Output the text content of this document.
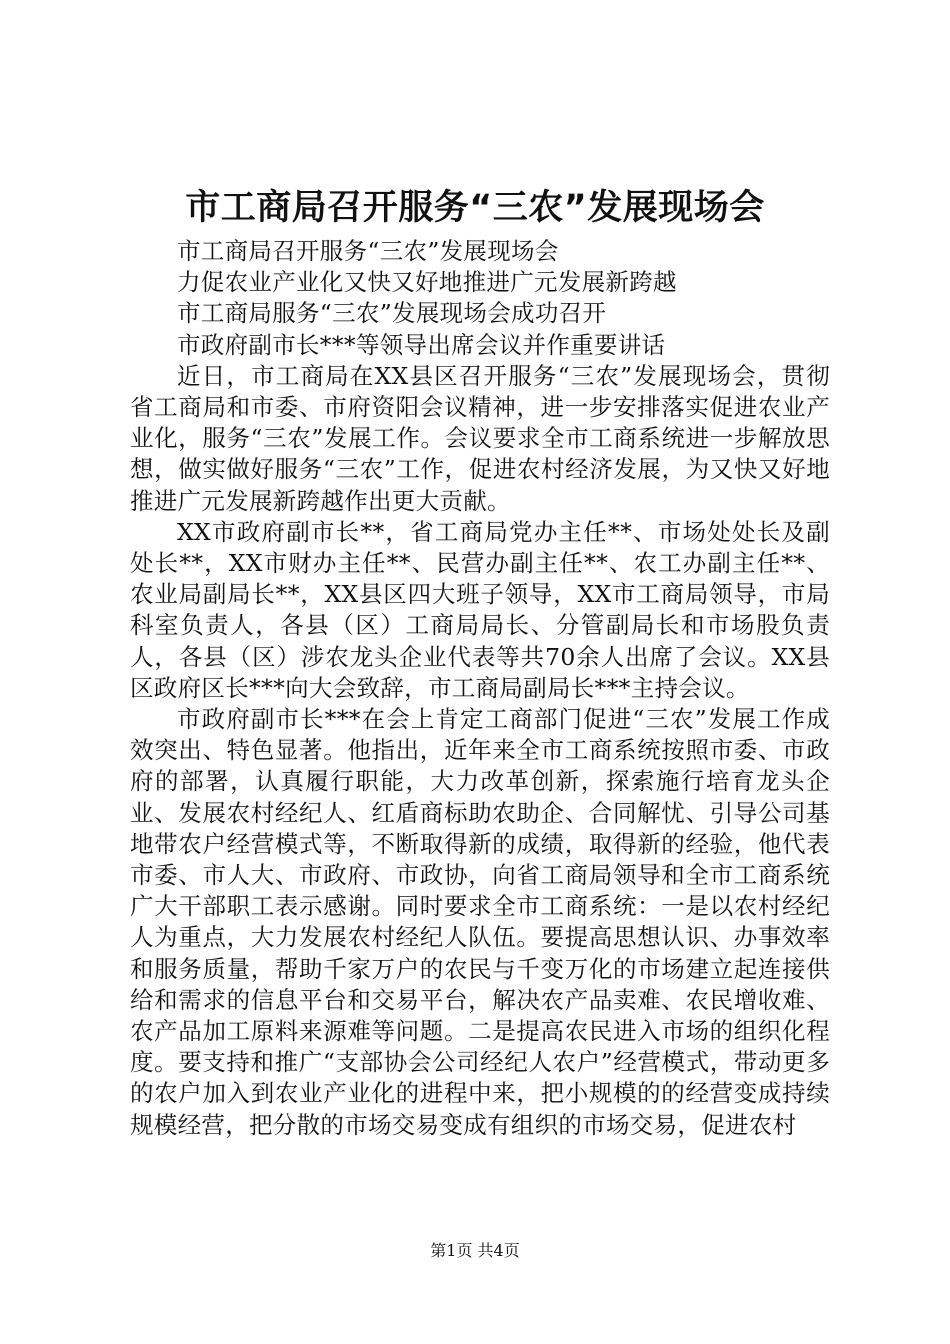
市工商局召开服务“三农”发展现场会

市工商局召开服务“三农”发展现场会

力促农业产业化又快又好地推进广元发展新跨越

市工商局服务“三农”发展现场会成功召开

市政府副市长***等领导出席会议并作重要讲话

近日，市工商局在XX县区召开服务“三农”发展现场会，贯彻省工商局和市委、市府资阳会议精神，进一步安排落实促进农业产业化，服务“三农”发展工作。会议要求全市工商系统进一步解放思想，做实做好服务“三农”工作，促进农村经济发展，为又快又好地推进广元发展新跨越作出更大贡献。

XX市政府副市长**，省工商局党办主任**、市场处处长及副处长**，XX市财办主任**、民营办副主任**、农工办副主任**、农业局副局长**，XX县区四大班子领导，XX市工商局领导，市局科室负责人，各县（区）工商局局长、分管副局长和市场股负责人，各县（区）涉农龙头企业代表等共70余人出席了会议。XX县区政府区长***向大会致辞，市工商局副局长***主持会议。

市政府副市长***在会上肯定工商部门促进“三农”发展工作成效突出、特色显著。他指出，近年来全市工商系统按照市委、市政府的部署，认真履行职能，大力改革创新，探索施行培育龙头企业、发展农村经纪人、红盾商标助农助企、合同解忧、引导公司基地带农户经营模式等，不断取得新的成绩，取得新的经验，他代表市委、市人大、市政府、市政协，向省工商局领导和全市工商系统广大干部职工表示感谢。同时要求全市工商系统：一是以农村经纪人为重点，大力发展农村经纪人队伍。要提高思想认识、办事效率和服务质量，帮助千家万户的农民与千变万化的市场建立起连接供给和需求的信息平台和交易平台，解决农产品卖难、农民增收难、农产品加工原料来源难等问题。二是提高农民进入市场的组织化程度。要支持和推广“支部协会公司经纪人农户”经营模式，带动更多的农户加入到农业产业化的进程中来，把小规模的的经营变成持续规模经营，把分散的市场交易变成有组织的市场交易，促进农村

第1页 共4页
